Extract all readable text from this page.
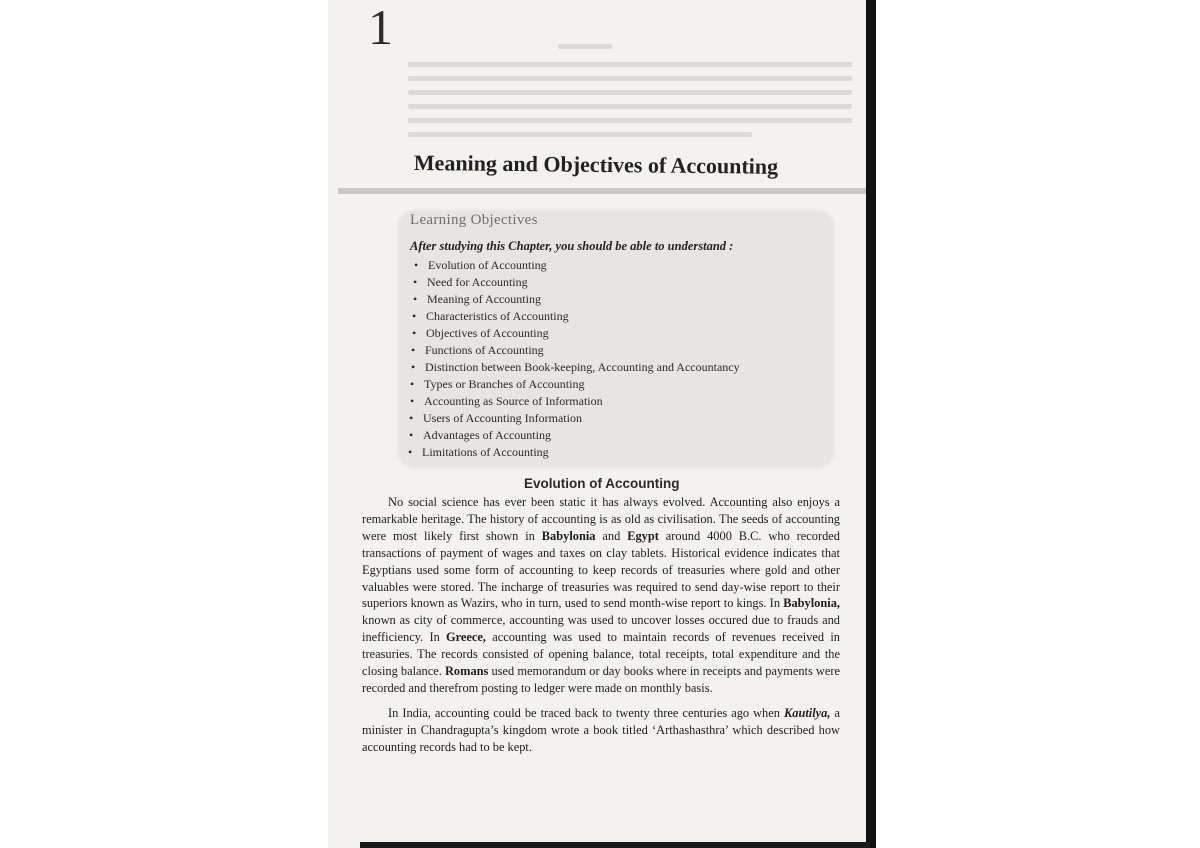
1
Meaning and Objectives of Accounting
Learning Objectives
After studying this Chapter, you should be able to understand :
• Evolution of Accounting
• Need for Accounting
• Meaning of Accounting
• Characteristics of Accounting
• Objectives of Accounting
• Functions of Accounting
• Distinction between Book-keeping, Accounting and Accountancy
• Types or Branches of Accounting
• Accounting as Source of Information
• Users of Accounting Information
• Advantages of Accounting
• Limitations of Accounting
Evolution of Accounting

No social science has ever been static it has always evolved. Accounting also enjoys a remarkable heritage. The history of accounting is as old as civilisation. The seeds of accounting were most likely first shown in Babylonia and Egypt around 4000 B.C. who recorded transactions of payment of wages and taxes on clay tablets. Historical evidence indicates that Egyptians used some form of accounting to keep records of treasuries where gold and other valuables were stored. The incharge of treasuries was required to send day-wise report to their superiors known as Wazirs, who in turn, used to send month-wise report to kings. In Babylonia, known as city of commerce, accounting was used to uncover losses occured due to frauds and inefficiency. In Greece, accounting was used to maintain records of revenues received in treasuries. The records consisted of opening balance, total receipts, total expenditure and the closing balance. Romans used memorandum or day books where in receipts and payments were recorded and therefrom posting to ledger were made on monthly basis.

In India, accounting could be traced back to twenty three centuries ago when Kautilya, a minister in Chandragupta’s kingdom wrote a book titled ‘Arthashasthra’ which described how accounting records had to be kept.
